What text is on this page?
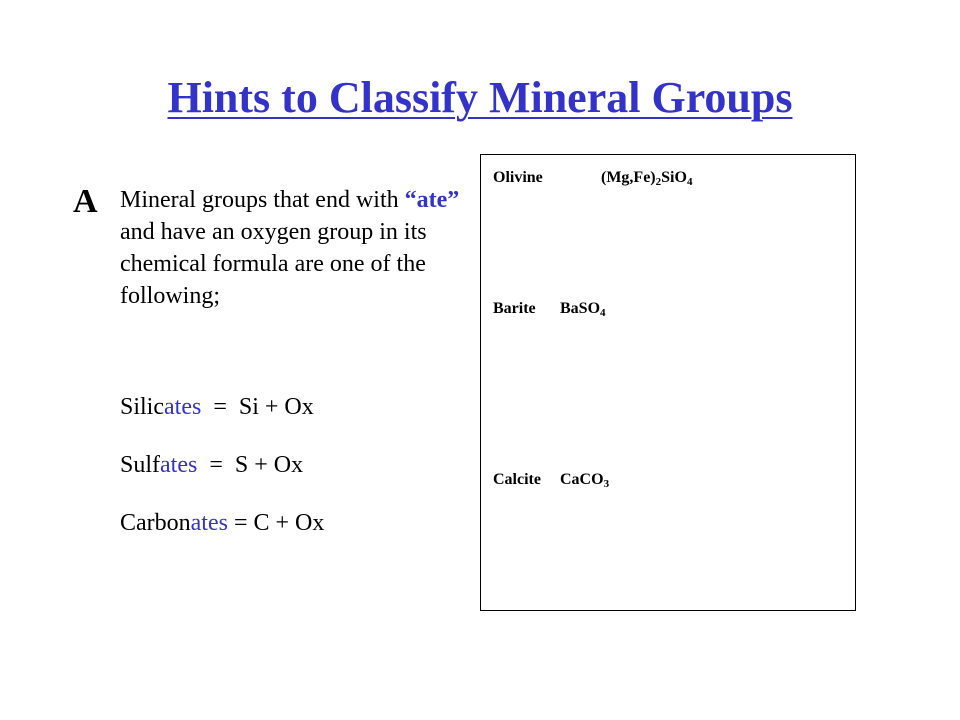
Hints to Classify Mineral Groups
A Mineral groups that end with “ate” and have an oxygen group in its chemical formula are one of the following;
Silicates  =  Si + Ox
Sulfates  =  S + Ox
Carbonates = C + Ox
Olivine	$(Mg,Fe)_2SiO_4$
Barite BaSO$_4$
Calcite CaCO$_3$
